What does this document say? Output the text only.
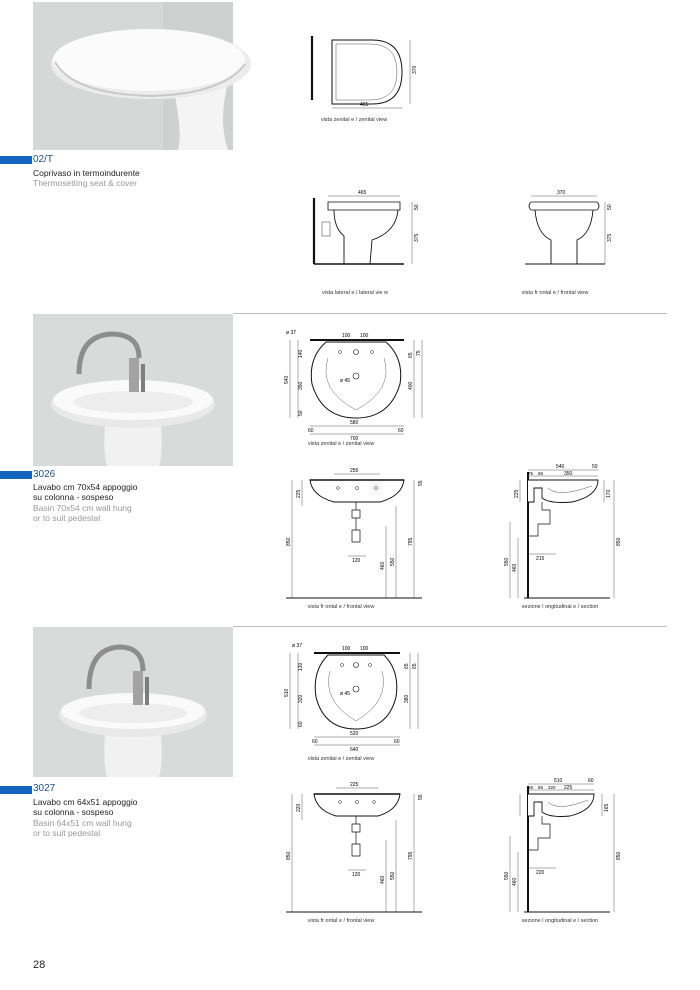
02/T
Coprivaso in termoindurente
Thermosetting seat & cover
370
465
vista zenital e / zenital view
465
50
375
vista lateral e / lateral vie w
370
50
375
vista fr ontal e / frontal view
3026
Lavabo cm 70x54 appoggio
su colonna - sospeso
Basin 70x54 cm wall hung
or to suit pedestal
ø 37	100 100
140
540
350
50
65 75
400
ø 45
60
580
60
700
vista zenital e / zenital view
255
225
55
850	795
120
460 550
vista fr ontal e / frontal view
540	50
75 65	350
225	170
215
550
460
850
sezione l ongitudinal e / section
3027
Lavabo cm 64x51 appoggio
su colonna - sospeso
Basin 64x51 cm wall hung
or to suit pedestal
ø 37	100 100
130
510
320
60
65 65
380
ø 45
60
520
60
640
vista zenital e / zenital view
225
220
55
850	795
120
460 550
vista fr ontal e / frontal view
510	60
65 65 320 225
165
220
550
460
850
sezione l ongitudinal e / section
28
